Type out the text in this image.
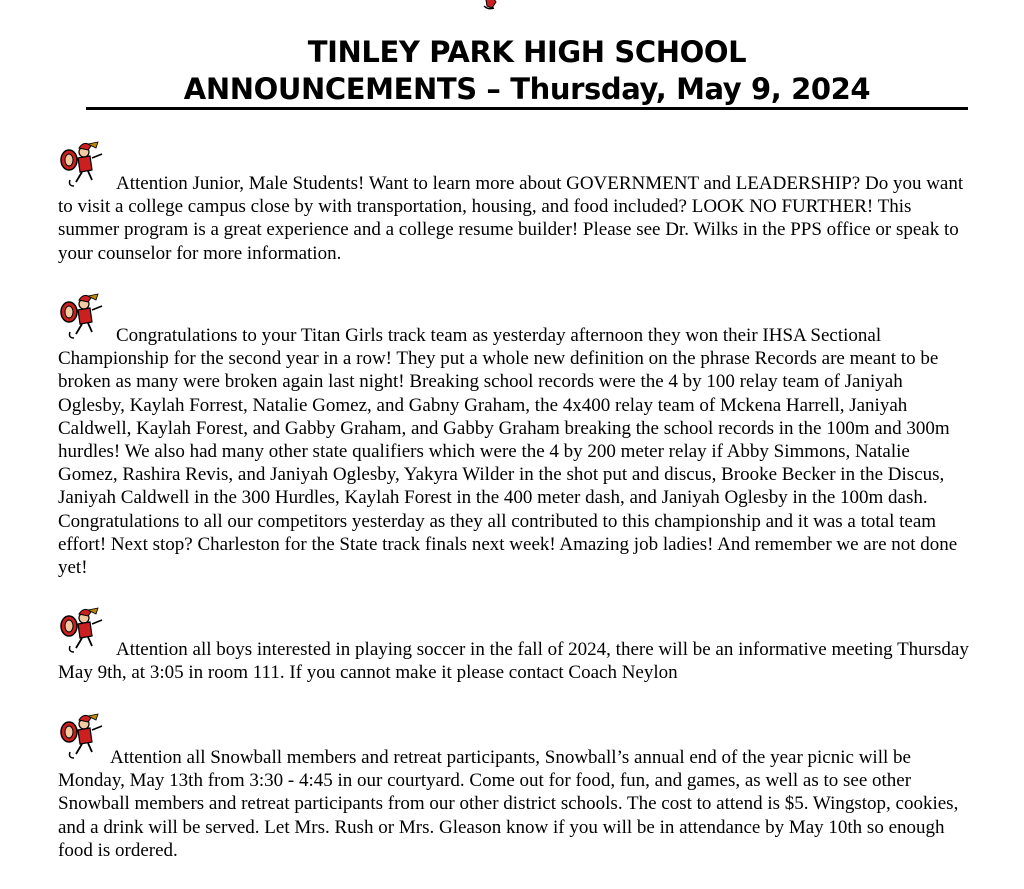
TINLEY PARK HIGH SCHOOL
ANNOUNCEMENTS – Thursday, May 9, 2024

Attention Junior, Male Students! Want to learn more about GOVERNMENT and LEADERSHIP? Do you want to visit a college campus close by with transportation, housing, and food included? LOOK NO FURTHER! This summer program is a great experience and a college resume builder! Please see Dr. Wilks in the PPS office or speak to your counselor for more information.

Congratulations to your Titan Girls track team as yesterday afternoon they won their IHSA Sectional Championship for the second year in a row! They put a whole new definition on the phrase Records are meant to be broken as many were broken again last night! Breaking school records were the 4 by 100 relay team of Janiyah Oglesby, Kaylah Forrest, Natalie Gomez, and Gabny Graham, the 4x400 relay team of Mckena Harrell, Janiyah Caldwell, Kaylah Forest, and Gabby Graham, and Gabby Graham breaking the school records in the 100m and 300m hurdles! We also had many other state qualifiers which were the 4 by 200 meter relay if Abby Simmons, Natalie Gomez, Rashira Revis, and Janiyah Oglesby, Yakyra Wilder in the shot put and discus, Brooke Becker in the Discus, Janiyah Caldwell in the 300 Hurdles, Kaylah Forest in the 400 meter dash, and Janiyah Oglesby in the 100m dash. Congratulations to all our competitors yesterday as they all contributed to this championship and it was a total team effort! Next stop? Charleston for the State track finals next week! Amazing job ladies! And remember we are not done yet!

Attention all boys interested in playing soccer in the fall of 2024, there will be an informative meeting Thursday May 9th, at 3:05 in room 111. If you cannot make it please contact Coach Neylon

Attention all Snowball members and retreat participants, Snowball’s annual end of the year picnic will be Monday, May 13th from 3:30 - 4:45 in our courtyard. Come out for food, fun, and games, as well as to see other Snowball members and retreat participants from our other district schools. The cost to attend is $5. Wingstop, cookies, and a drink will be served. Let Mrs. Rush or Mrs. Gleason know if you will be in attendance by May 10th so enough food is ordered.
